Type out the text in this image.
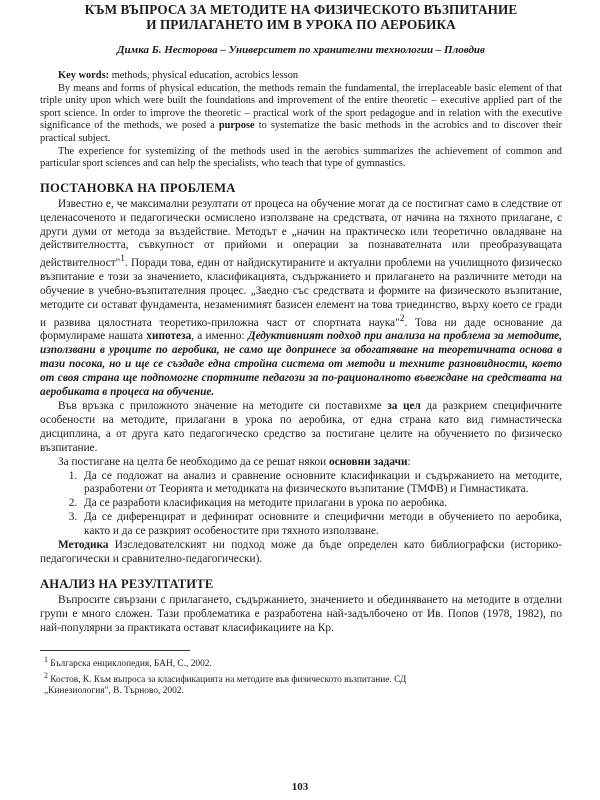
КЪМ ВЪПРОСА ЗА МЕТОДИТЕ НА ФИЗИЧЕСКОТО ВЪЗПИТАНИЕ
И ПРИЛАГАНЕТО ИМ В УРОКА ПО АЕРОБИКА
Димка Б. Несторова – Университет по хранителни технологии – Пловдив

Key words: methods, physical education, acrobics lesson

By means and forms of physical education, the methods remain the fundamental, the irreplaceable basic element of that triple unity upon which were built the foundations and improvement of the entire theoretic – executive applied part of the sport science. In order to improve the theoretic – practical work of the sport pedagogue and in relation with the executive significance of the methods, we posed a purpose to systematize the basic methods in the acrobics and to discover their practical subject.

The experience for systemizing of the methods used in the aerobics summarizes the achievement of common and particular sport sciences and can help the specialists, who teach that type of gymnastics.

ПОСТАНОВКА НА ПРОБЛЕМА

Известно е, че максимални резултати от процеса на обучение могат да се постигнат само в следствие от целенасоченото и педагогически осмислено използване на средствата, от начина на тяхното прилагане, с други думи от метода за въздействие. Методът е „начин на практическо или теоретично овладяване на действителността, съвкупност от прийоми и операции за познавателната или преобразуващата действителност"$^1$. Поради това, един от найдискутираните и актуални проблеми на училищното физическо възпитание е този за значението, класификацията, съдържанието и прилагането на различните методи на обучение в учебно-възпитателния процес. „Заедно със средствата и формите на физическото възпитание, методите си остават фундамента, незаменимият базисен елемент на това триединство, върху което се гради и развива цялостната теоретико-приложна част от спортната наука"$^2$. Това ни даде основание да формулираме нашата хипотеза, а именно: Дедуктивният подход при анализа на проблема за методите, използвани в уроците по аеробика, не само ще допринесе за обогатяване на теоретичната основа в тази посока, но и ще се създаде една стройна система от методи и техните разновидности, което от своя страна ще подпомогне спортните педагози за по-рационалното въвеждане на средствата на аеробиката в процеса на обучение.

Във връзка с приложното значение на методите си поставихме за цел да разкрием специфичните особености на методите, прилагани в урока по аеробика, от една страна като вид гимнастическа дисциплина, а от друга като педагогическо средство за постигане целите на обучението по физическо възпитание.

За постигане на целта бе необходимо да се решат някои основни задачи:

1. Да се подложат на анализ и сравнение основните класификации и съдържанието на методите, разработени от Теорията и методиката на физическото възпитание (ТМФВ) и Гимнастиката.
2. Да се разработи класификация на методите прилагани в урока по аеробика.
3. Да се диференцират и дефинират основните и специфични методи в обучението по аеробика, както и да се разкрият особеностите при тяхното използване.

Методика Изследователският ни подход може да бъде определен като библиографски (историко-педагогически и сравнително-педагогически).

АНАЛИЗ НА РЕЗУЛТАТИТЕ

Въпросите свързани с прилагането, съдържанието, значението и обединяването на методите в отделни групи е много сложен. Тази проблематика е разработена най-задълбочено от Ив. Попов (1978, 1982), по най-популярни за практиката остават класификациите на Кр.

$^1$ Българска енциклопедия, БАН, С., 2002.

$^2$ Костов, К. Към въпроса за класификацията на методите във физическото възпитание. СД
„Кинезиология", В. Търново, 2002.

103
